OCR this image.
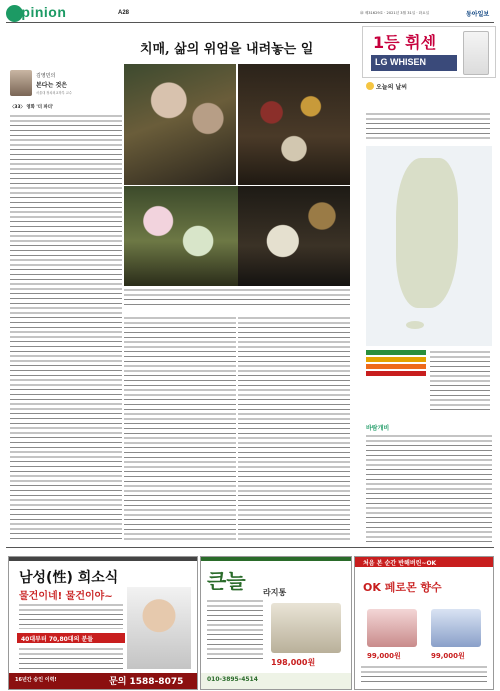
Opinion	A28	㊹ 제31629호 · 2021년 3월 31일 · 화요일	동아일보
김영민의
본다는 것은
서울대 정치외교학부 교수
〈33〉 영화 '더 파더'
치매, 삶의 위엄을 내려놓는 일	1등 휘센
LG WHISEN
오늘의 날씨
바람개비
남성(性) 희소식
물건이네! 물건이야~
40대부터 70,80대의 분들
16년간 승인 이력!	문의 1588-8075
큰늘 라지통
198,000원
010-3895-4514
처음 본 순간 반해버린~OK
OK 페로몬 향수
99,000원	99,000원
